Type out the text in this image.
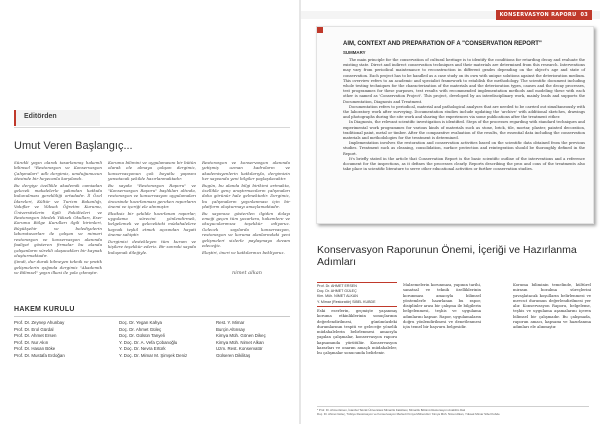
KONSERVASYON RAPORU 03
Editörden
Umut Veren Başlangıç...

Sürekli yayın olarak tasarlanmış hakemli bilimsel "Restorasyon ve Konservasyon Çalışmaları" adlı dergimiz, umduğumuzun ötesinde bir heyecanla karşılandı.

Bu dergiye özellikle akademik camiadan gelecek makalelerle yakından katkıda bulunulması gerekliliği ortadadır. İl Özel İdareleri, Kültür ve Turizm Bakanlığı, Vakıflar ve Yüksek Öğretim Kurumu, Üniversitelerin ilgili Fakülteleri ve Restorasyon Meslek Yüksek Okulları, Eser Koruma Bölge Kurulları ilgili birimleri, Büyükşehir ve belediyelerin laboratuvarları ile çalışan ve mimari restorasyon ve konservasyon alanında faaliyet gösteren firmalar bu alanda çalışanların sürekli ulaşacakları bir kaynak oluşturmaktadır.

Şimdi, dur durak bilmeyen teknik ve pratik gelişmelerin ışığında dergimiz "Akademik ve Bilimsel" yayın ilkesi ile yola çıkmıştır.

Koruma bilimini ve uygulamasını bir bütün olarak ele almaya çalışan dergimiz, konservasyonun çok boyutlu yapısını yansıtacak şekilde hazırlanmaktadır.

Bu sayıda "Restorasyon Raporu" ve "Konservasyon Raporu" başlıkları altında, restorasyon ve konservasyon uygulamaları öncesinde hazırlanması gereken raporların önemi ve içeriği ele alınmıştır.

Eksiksiz bir şekilde hazırlanan raporlar, uygulama sürecini yönlendirmek, belgelemek ve gelecekteki müdahalelere kaynak teşkil etmek açısından hayati öneme sahiptir.

Dergimizi destekleyen tüm kurum ve kişilere teşekkür ederiz. Bir sonraki sayıda buluşmak dileğiyle.

Restorasyon ve konservasyon alanında yetişmiş uzman kadroların ve akademisyenlerin katkılarıyla, dergimizin her sayısında yeni bilgiler paylaşılacaktır.

Bugün, bu alanda bilgi birikimi artmakta, özellikle genç araştırmacıların çalışmaları daha görünür hale gelmektedir. Dergimiz, bu çalışmaların yayınlanması için bir platform oluşturmayı amaçlamaktadır.

Bu sayımıza gösterilen ilgiden dolayı emeği geçen tüm yazarlara, hakemlere ve okuyucularımıza teşekkür ediyoruz. Gelecek sayılarda konservasyon, restorasyon ve koruma alanlarındaki yeni gelişmeleri sizlerle paylaşmaya devam edeceğiz.

Eleştiri, öneri ve katkılarınızı bekliyoruz.

nimet alkan
HAKEM KURULU
Prof. Dr. Zeynep Ahunbay
Prof. Dr. Erol Gürdal
Prof. Dr. Ahmet Ersen
Prof. Dr. Nur Akın
Prof. Dr. Hasan Böke
Prof. Dr. Mustafa Erdoğan
Doç. Dr. Yegan Kahya
Doç. Dr. Ahmet Güleç
Doç. Dr. Gülsün Tanyeli
Y. Doç. Dr. A. Vefa Çobanoğlu
Y. Doç. Dr. Nevra Ertürk
Y. Doç. Dr. Mimar M. Şimşek Deniz
Rest. Y. Mimar
Burçin Altınsay
Kimya Müh. Gönen Dikeç
Kimya Müh. Nimet Alkan
Uzm. Rest. Konservatör
Gülseren Dikilitaş
AIM, CONTEXT AND PREPARATION OF A "CONSERVATION REPORT"
SUMMARY

The main principle for the conservation of cultural heritage is to identify the conditions for retarding decay and evaluate the existing state. Direct and indirect conservation techniques and their materials are determined from this research. Interventions may vary from periodical maintenance to reconstruction in different grades depending on the object's age and state of conservation. Each project has to be handled as a case study on its own with unique solutions against the deterioration medium. This overview refers to an academic and specialist framework to establish the methodology. The scientific document including whole testing techniques for the characterization of the materials and the deterioration types, causes and the decay processes, test programmes for these purposes, test results with recommended implementation methods and modeling these with each other is named as 'Conservation Project'. This project, developed by an interdisciplinary work, mainly leads and supports the Documentation, Diagnosis and Treatment.

Documentation refers to periodical, material and pathological analyses that are needed to be carried out simultaneously with the laboratory work after surveying. Documentation studies include updating the 'archive' with additional sketches, drawings and photographs during the site work and sharing the experiences via some publications after the treatment either.

In Diagnosis, the relevant scientific investigation is identified. Steps of the processes regarding with standard techniques and experimental work programmes for various kinds of materials such as stone, brick, tile, mortar, plaster, painted decoration, traditional paint, metal or timber. After the comparative evaluation of the results, the essential data including the conservation materials and methodologies for the treatment is determined.

Implementation involves the restoration and conservation activities based on the scientific data obtained from the previous studies. Treatment such as cleaning, consolidation, surface protection and reintegration should be thoroughly defined in the Report.

It's briefly stated in the article that Conservation Report is the basic scientific outline of the interventions and a reference document for the inspections, as it defines the processes clearly. Reports describing the pros and cons of the treatments also take place in scientific literature to serve other educational activities or further conservation studies.

Konservasyon Raporunun Önemi, İçeriği ve Hazırlanma Adımları
Prof. Dr. AHMET ERSEN
Doç. Dr. AHMET GÜLEÇ
Kim. Müh. NİMET ALKAN
Y. Mimar (Restoratör) SİBEL KUBDE

Eski eserlerin, geçmişte yaşanmış koruma etkinliklerinin sonuçlarının değerlendirilmesi, günümüzdeki durumlarının tespiti ve geleceğe yönelik müdahalelerin belirlenmesi amacıyla yapılan çalışmalar, konservasyon raporu kapsamında yürütülür. Konservasyon kararları ve onarım amaçlı müdahaleler, bu çalışmalar sonucunda belirlenir.

Malzemelerin korunması, yapının tarihi, sanatsal ve teknik özelliklerinin korunması amacıyla bilimsel yöntemlerle hazırlanan bu rapor, disiplinler arası bir çalışma ile bilgilerin belgelenmesi, teşhis ve uygulama adımlarını kapsar. Rapor, uygulamaların doğru yönlendirilmesi ve denetlenmesi için temel bir başvuru belgesidir.

Koruma biliminin temelinde, kültürel mirasın bozulma süreçlerini yavaşlatacak koşulların belirlenmesi ve mevcut durumun değerlendirilmesi yer alır. Konservasyon Raporu, belgeleme, teşhis ve uygulama aşamalarını içeren bilimsel bir çalışmadır. Bu çalışmada, raporun amacı, kapsamı ve hazırlanma adımları ele alınmıştır.

* Prof. Dr. Ahmet Ersen, İstanbul Teknik Üniversitesi Mimarlık Fakültesi, Mimarlık Bölümü Restorasyon Anabilim Dalı
Doç. Dr. Ahmet Güleç, Türkiye Restorasyon ve Konservasyon Merkezi Kimya Mühendisi / Kimya Müh. Nimet Alkan, Yüksek Mimar Sibel Kubde
